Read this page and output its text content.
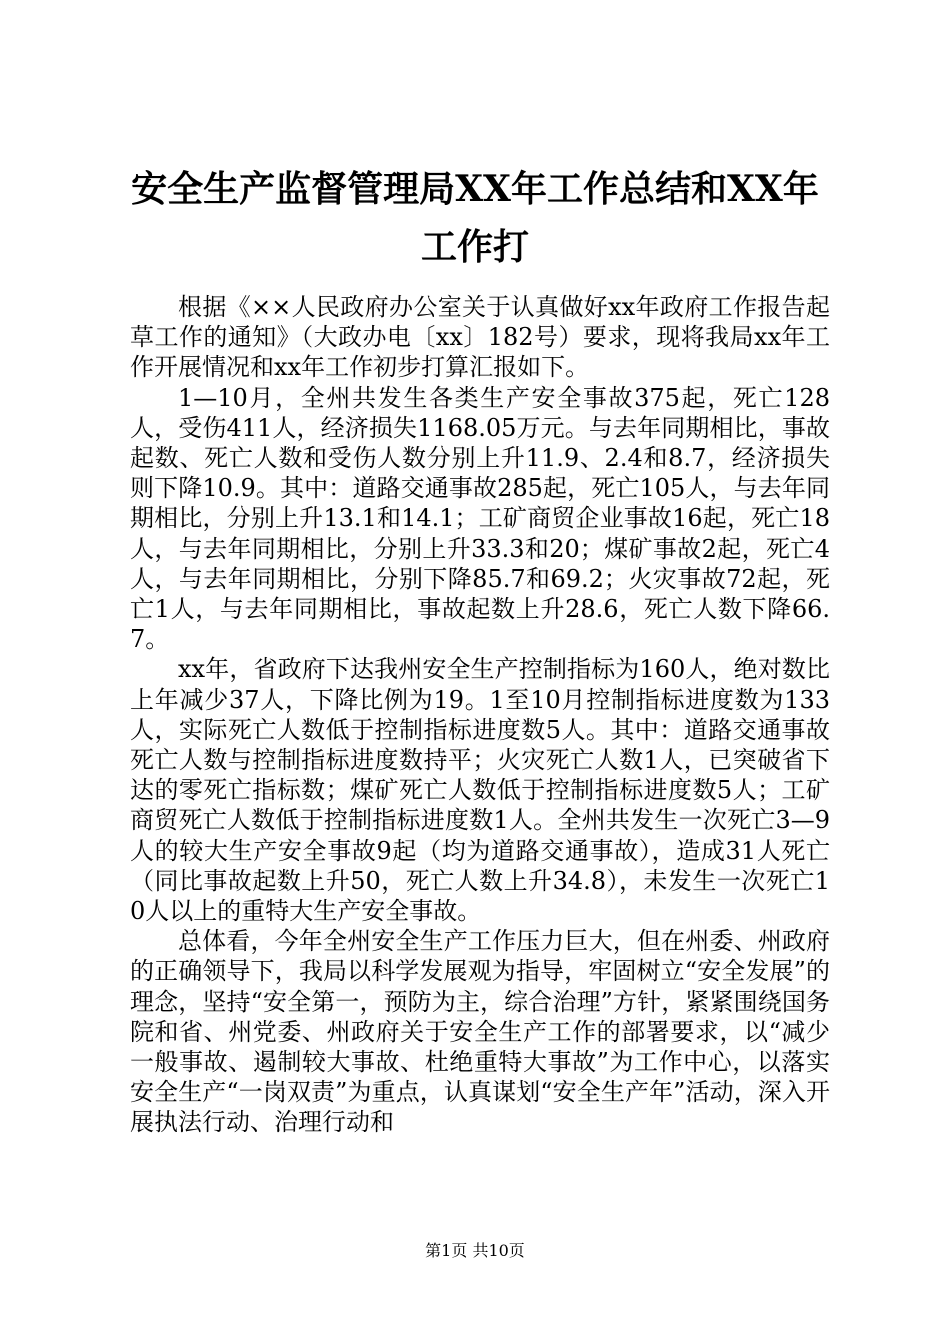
安全生产监督管理局XX年工作总结和XX年工作打

根据《××人民政府办公室关于认真做好xx年政府工作报告起草工作的通知》（大政办电〔xx〕182号）要求，现将我局xx年工作开展情况和xx年工作初步打算汇报如下。

1—10月，全州共发生各类生产安全事故375起，死亡128人，受伤411人，经济损失1168.05万元。与去年同期相比，事故起数、死亡人数和受伤人数分别上升11.9、2.4和8.7，经济损失则下降10.9。其中：道路交通事故285起，死亡105人，与去年同期相比，分别上升13.1和14.1；工矿商贸企业事故16起，死亡18人，与去年同期相比，分别上升33.3和20；煤矿事故2起，死亡4人，与去年同期相比，分别下降85.7和69.2；火灾事故72起，死亡1人，与去年同期相比，事故起数上升28.6，死亡人数下降66.7。

xx年，省政府下达我州安全生产控制指标为160人，绝对数比上年减少37人，下降比例为19。1至10月控制指标进度数为133人，实际死亡人数低于控制指标进度数5人。其中：道路交通事故死亡人数与控制指标进度数持平；火灾死亡人数1人，已突破省下达的零死亡指标数；煤矿死亡人数低于控制指标进度数5人；工矿商贸死亡人数低于控制指标进度数1人。全州共发生一次死亡3—9人的较大生产安全事故9起（均为道路交通事故），造成31人死亡（同比事故起数上升50，死亡人数上升34.8），未发生一次死亡10人以上的重特大生产安全事故。

总体看，今年全州安全生产工作压力巨大，但在州委、州政府的正确领导下，我局以科学发展观为指导，牢固树立“安全发展”的理念，坚持“安全第一，预防为主，综合治理”方针，紧紧围绕国务院和省、州党委、州政府关于安全生产工作的部署要求，以“减少一般事故、遏制较大事故、杜绝重特大事故”为工作中心，以落实安全生产“一岗双责”为重点，认真谋划“安全生产年”活动，深入开展执法行动、治理行动和

第1页 共10页
